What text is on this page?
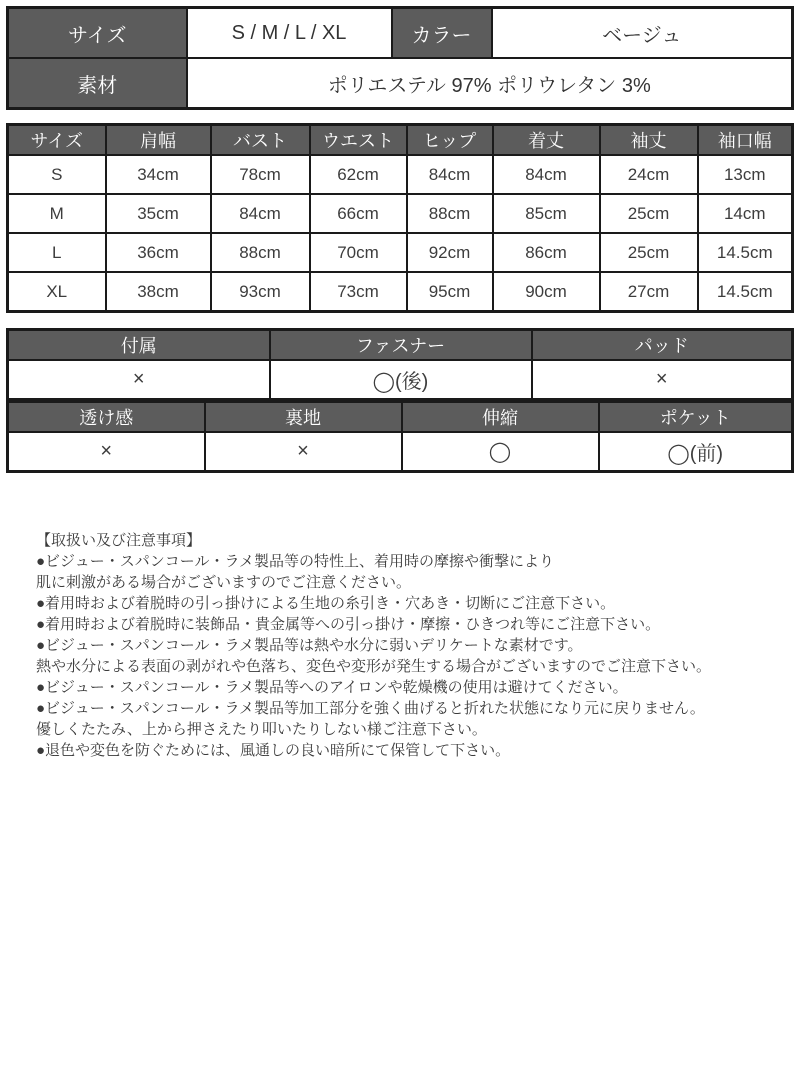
サイズ	S / M / L / XL	カラー	ベージュ
素材	ポリエステル 97% ポリウレタン 3%		
サイズ	肩幅	バスト	ウエスト	ヒップ	着丈	袖丈	袖口幅
S	34cm	78cm	62cm	84cm	84cm	24cm	13cm
M	35cm	84cm	66cm	88cm	85cm	25cm	14cm
L	36cm	88cm	70cm	92cm	86cm	25cm	14.5cm
XL	38cm	93cm	73cm	95cm	90cm	27cm	14.5cm
付属	ファスナー	パッド
×	◯(後)	×
透け感	裏地	伸縮	ポケット
×	×	◯	◯(前)
【取扱い及び注意事項】
●ビジュー・スパンコール・ラメ製品等の特性上、着用時の摩擦や衝撃により
肌に刺激がある場合がございますのでご注意ください。
●着用時および着脱時の引っ掛けによる生地の糸引き・穴あき・切断にご注意下さい。
●着用時および着脱時に装飾品・貴金属等への引っ掛け・摩擦・ひきつれ等にご注意下さい。
●ビジュー・スパンコール・ラメ製品等は熱や水分に弱いデリケートな素材です。
熱や水分による表面の剥がれや色落ち、変色や変形が発生する場合がございますのでご注意下さい。
●ビジュー・スパンコール・ラメ製品等へのアイロンや乾燥機の使用は避けてください。
●ビジュー・スパンコール・ラメ製品等加工部分を強く曲げると折れた状態になり元に戻りません。
優しくたたみ、上から押さえたり叩いたりしない様ご注意下さい。
●退色や変色を防ぐためには、風通しの良い暗所にて保管して下さい。
